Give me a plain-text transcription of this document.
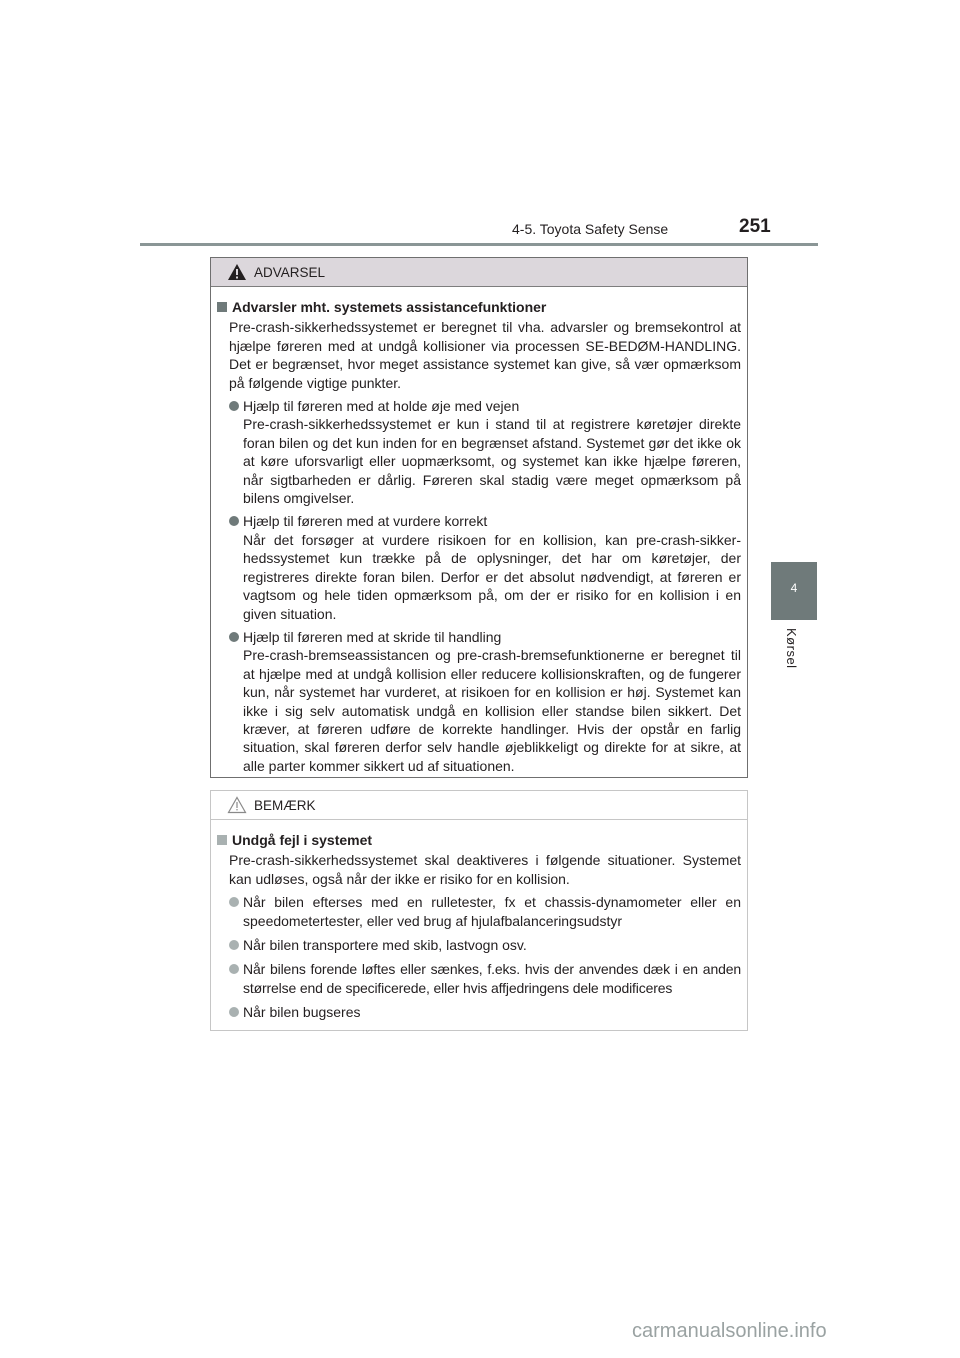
4-5. Toyota Safety Sense	251
4
Kørsel
ADVARSEL
Advarsler mht. systemets assistancefunktioner

Pre-crash-sikkerhedssystemet er beregnet til vha. advarsler og bremsekontrol at hjælpe føreren med at undgå kollisioner via processen SE-BEDØM-HANDLING. Det er begrænset, hvor meget assistance systemet kan give, så vær opmærksom på følgende vigtige punkter.

Hjælp til føreren med at holde øje med vejen
Pre-crash-sikkerhedssystemet er kun i stand til at registrere køretøjer direkte foran bilen og det kun inden for en begrænset afstand. Systemet gør det ikke ok at køre uforsvarligt eller uopmærksomt, og systemet kan ikke hjælpe føreren, når sigtbarheden er dårlig. Føreren skal stadig være meget opmærksom på bilens omgivelser.
Hjælp til føreren med at vurdere korrekt
Når det forsøger at vurdere risikoen for en kollision, kan pre-crash-sikker-hedssystemet kun trække på de oplysninger, det har om køretøjer, der registreres direkte foran bilen. Derfor er det absolut nødvendigt, at føreren er vagtsom og hele tiden opmærksom på, om der er risiko for en kollision i en given situation.
Hjælp til føreren med at skride til handling
Pre-crash-bremseassistancen og pre-crash-bremsefunktionerne er beregnet til at hjælpe med at undgå kollision eller reducere kollisionskraften, og de fungerer kun, når systemet har vurderet, at risikoen for en kollision er høj. Systemet kan ikke i sig selv automatisk undgå en kollision eller standse bilen sikkert. Det kræver, at føreren udføre de korrekte handlinger. Hvis der opstår en farlig situation, skal føreren derfor selv handle øjeblikkeligt og direkte for at sikre, at alle parter kommer sikkert ud af situationen.
BEMÆRK
Undgå fejl i systemet

Pre-crash-sikkerhedssystemet skal deaktiveres i følgende situationer. Systemet kan udløses, også når der ikke er risiko for en kollision.

Når bilen efterses med en rulletester, fx et chassis-dynamometer eller en speedometertester, eller ved brug af hjulafbalanceringsudstyr
Når bilen transportere med skib, lastvogn osv.
Når bilens forende løftes eller sænkes, f.eks. hvis der anvendes dæk i en anden størrelse end de specificerede, eller hvis affjedringens dele modificeres
Når bilen bugseres
carmanualsonline.info
